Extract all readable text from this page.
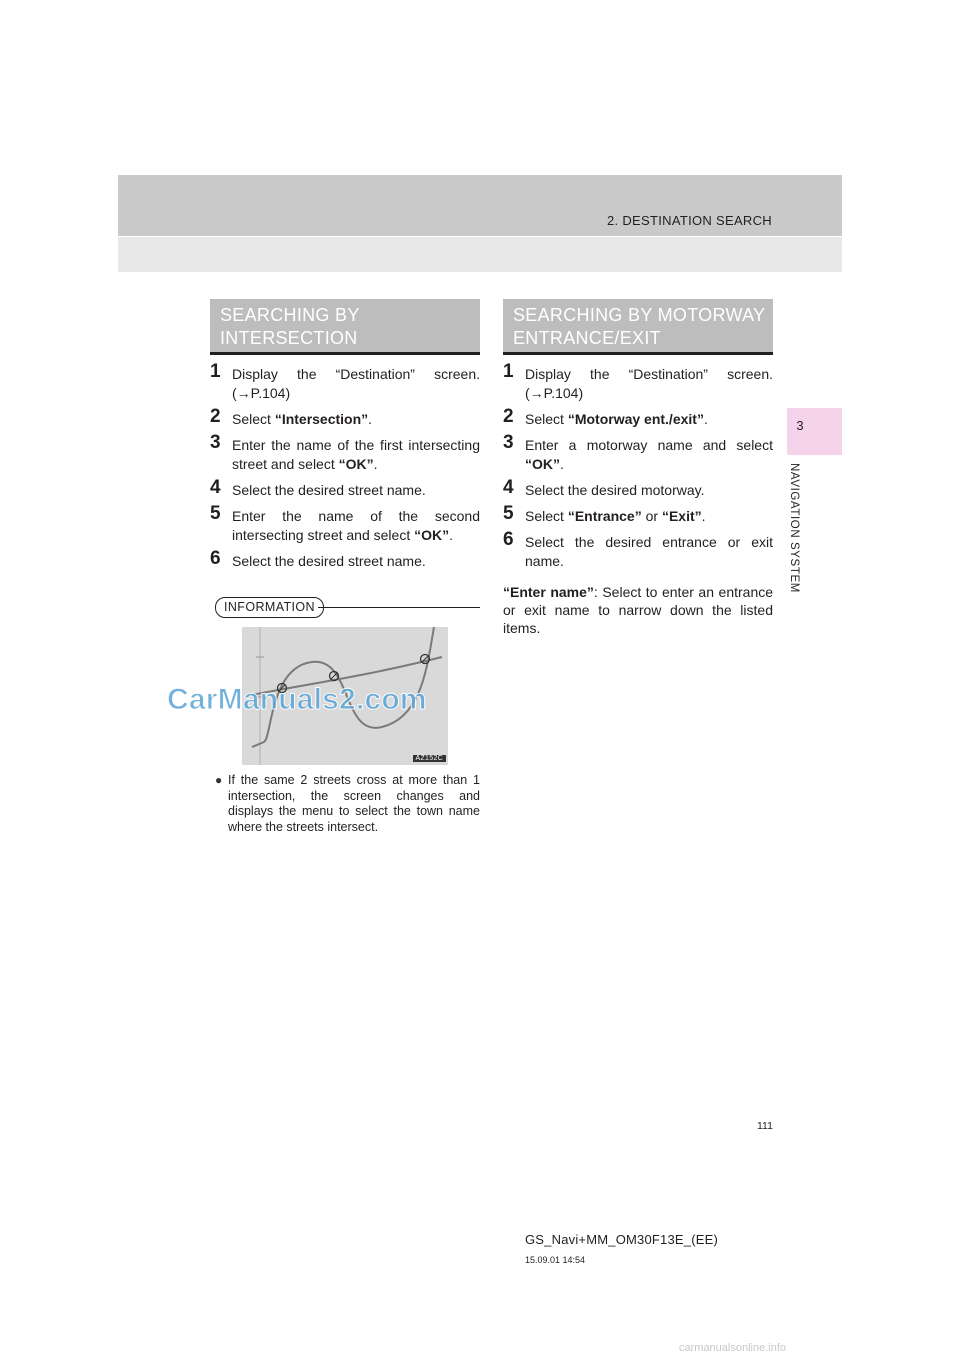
2. DESTINATION SEARCH
3
NAVIGATION SYSTEM
SEARCHING BY
INTERSECTION
1 Display the “Destination” screen. (→P.104)
2 Select “Intersection”.
3 Enter the name of the first intersecting street and select “OK”.
4 Select the desired street name.
5 Enter the name of the second intersecting street and select “OK”.
6 Select the desired street name.
INFORMATION
AZ152C
CarManuals2.com
● If the same 2 streets cross at more than 1 intersection, the screen changes and displays the menu to select the town name where the streets intersect.
SEARCHING BY MOTORWAY
ENTRANCE/EXIT
1 Display the “Destination” screen. (→P.104)
2 Select “Motorway ent./exit”.
3 Enter a motorway name and select “OK”.
4 Select the desired motorway.
5 Select “Entrance” or “Exit”.
6 Select the desired entrance or exit name.
“Enter name”: Select to enter an entrance or exit name to narrow down the listed items.
111
GS_Navi+MM_OM30F13E_(EE)
15.09.01 14:54
carmanualsonline.info
